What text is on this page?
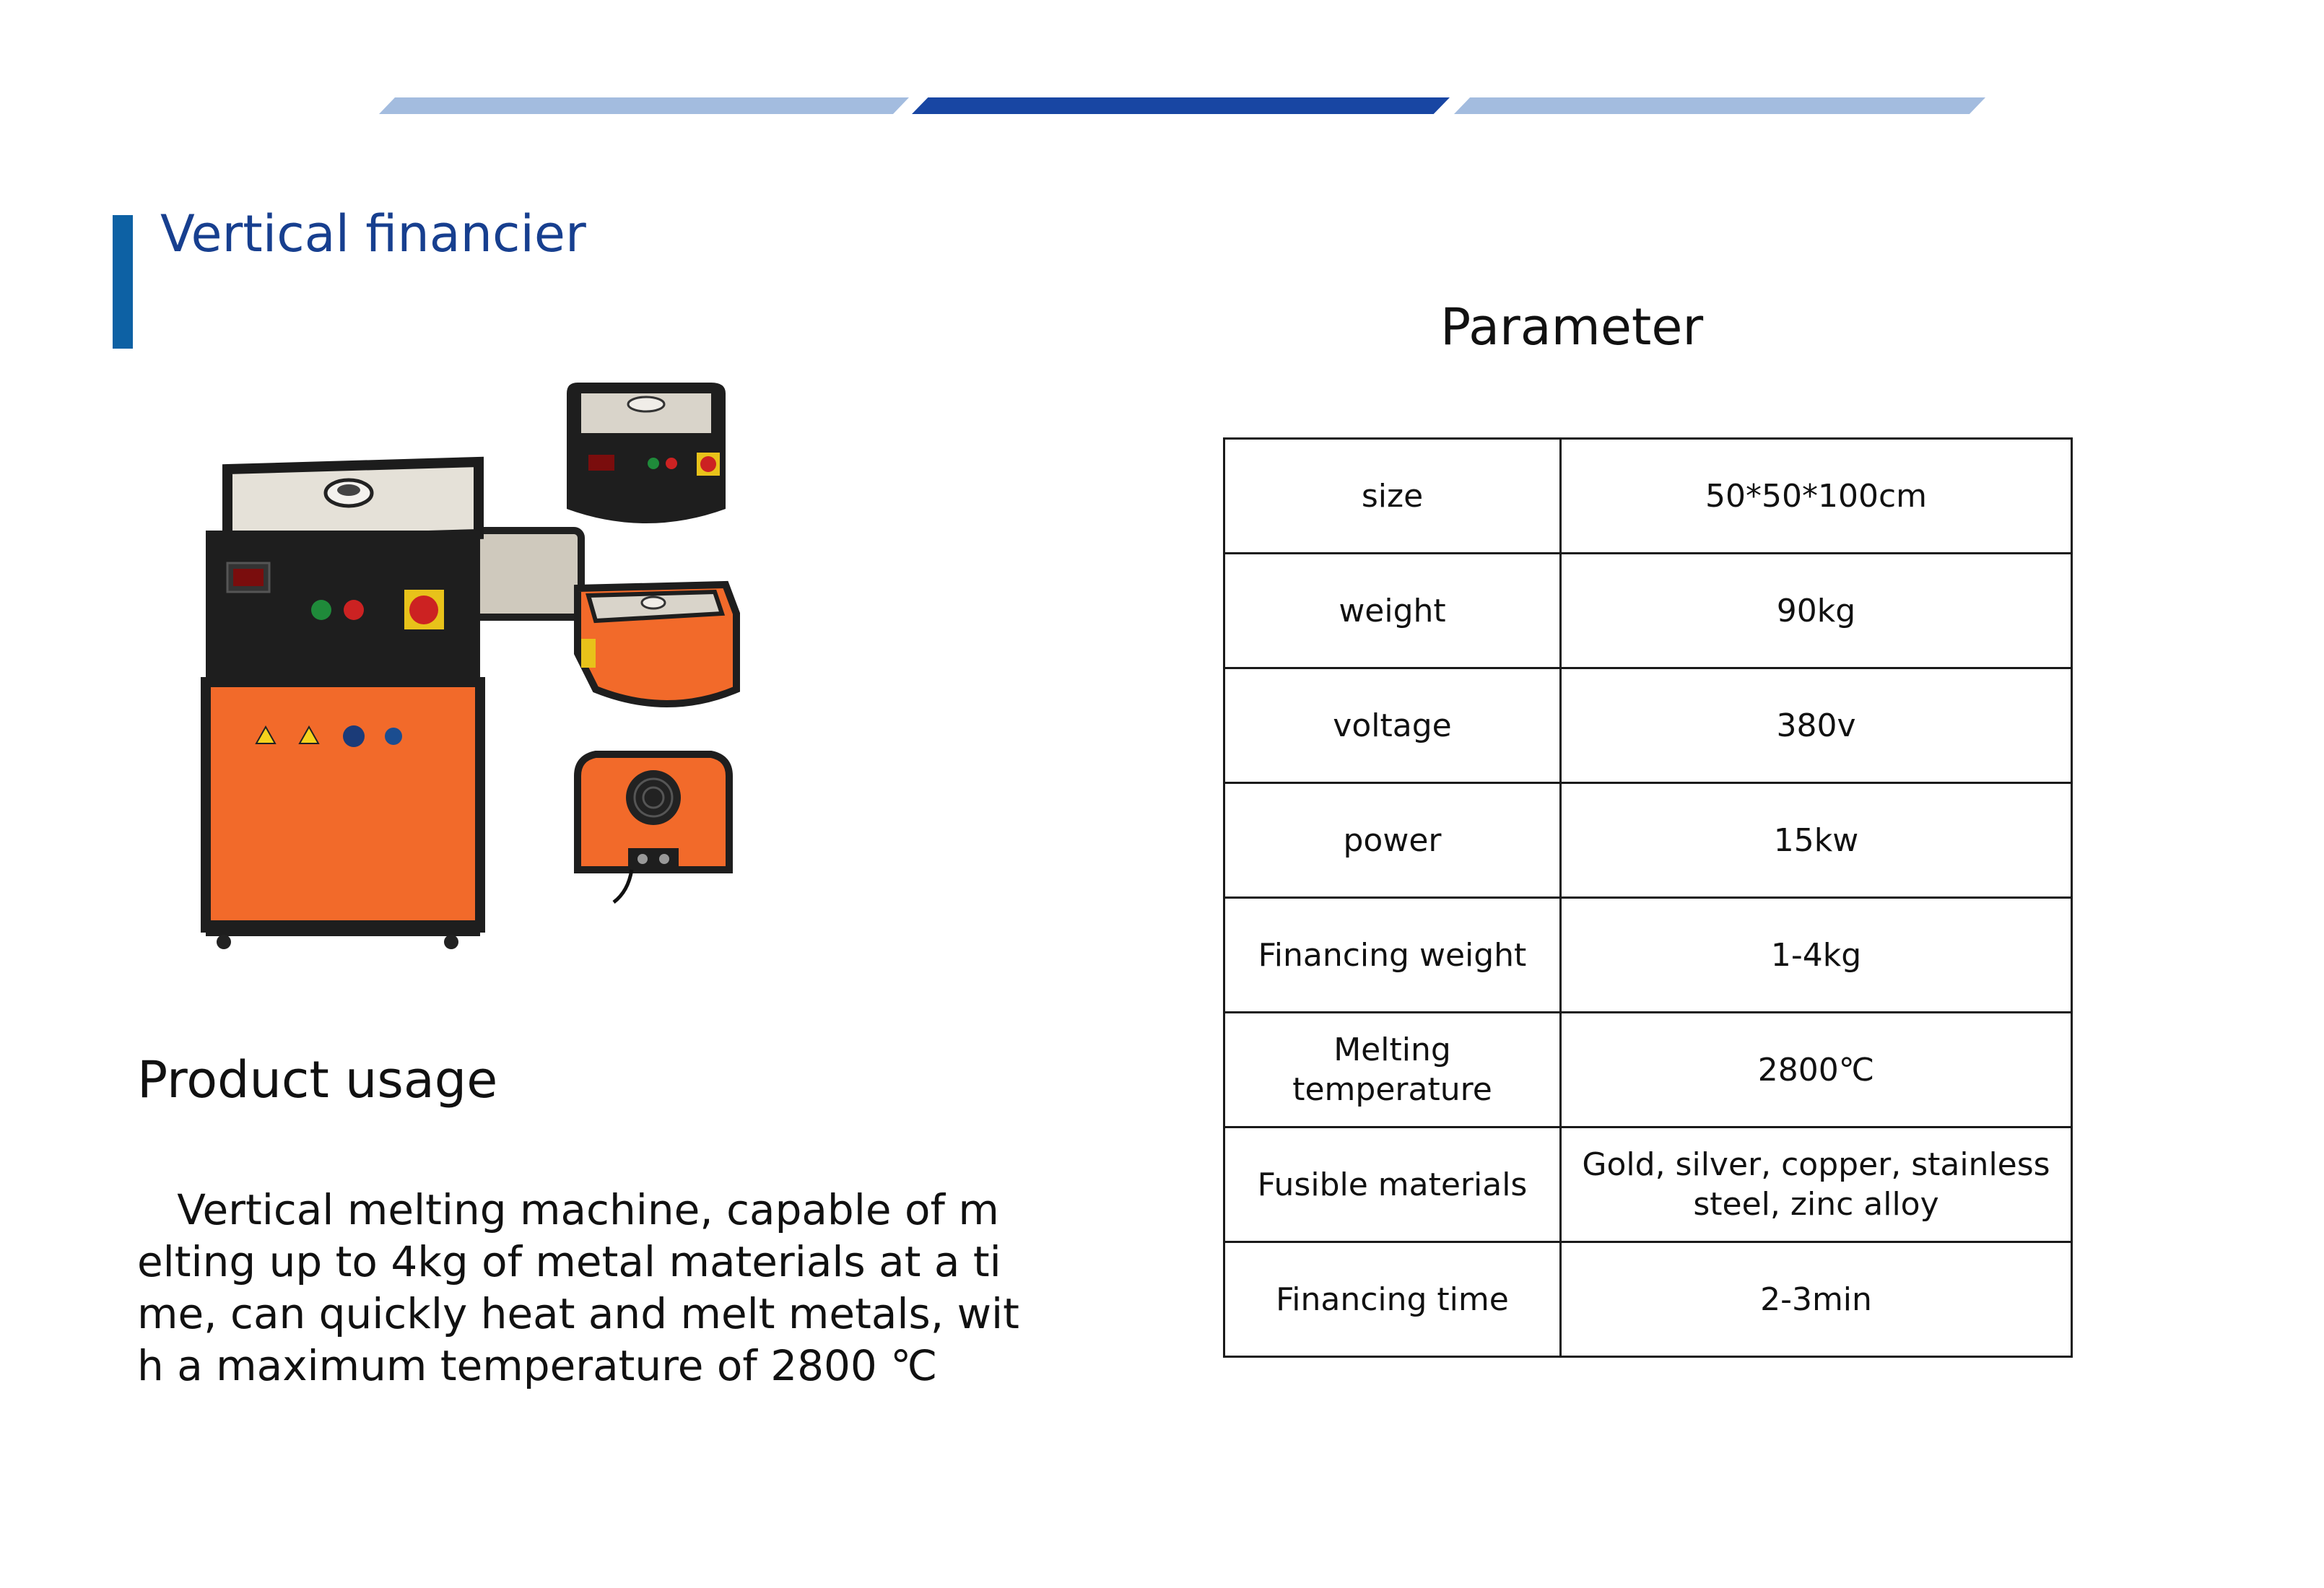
Vertical financier
Parameter
size	50*50*100cm
weight	90kg
voltage	380v
power	15kw
Financing weight	1-4kg
Melting temperature	2800℃
Fusible materials	Gold, silver, copper, stainless steel, zinc alloy
Financing time	2-3min
Product usage
Vertical melting machine, capable of m
elting up to 4kg of metal materials at a ti
me, can quickly heat and melt metals, wit
h a maximum temperature of 2800 ℃
